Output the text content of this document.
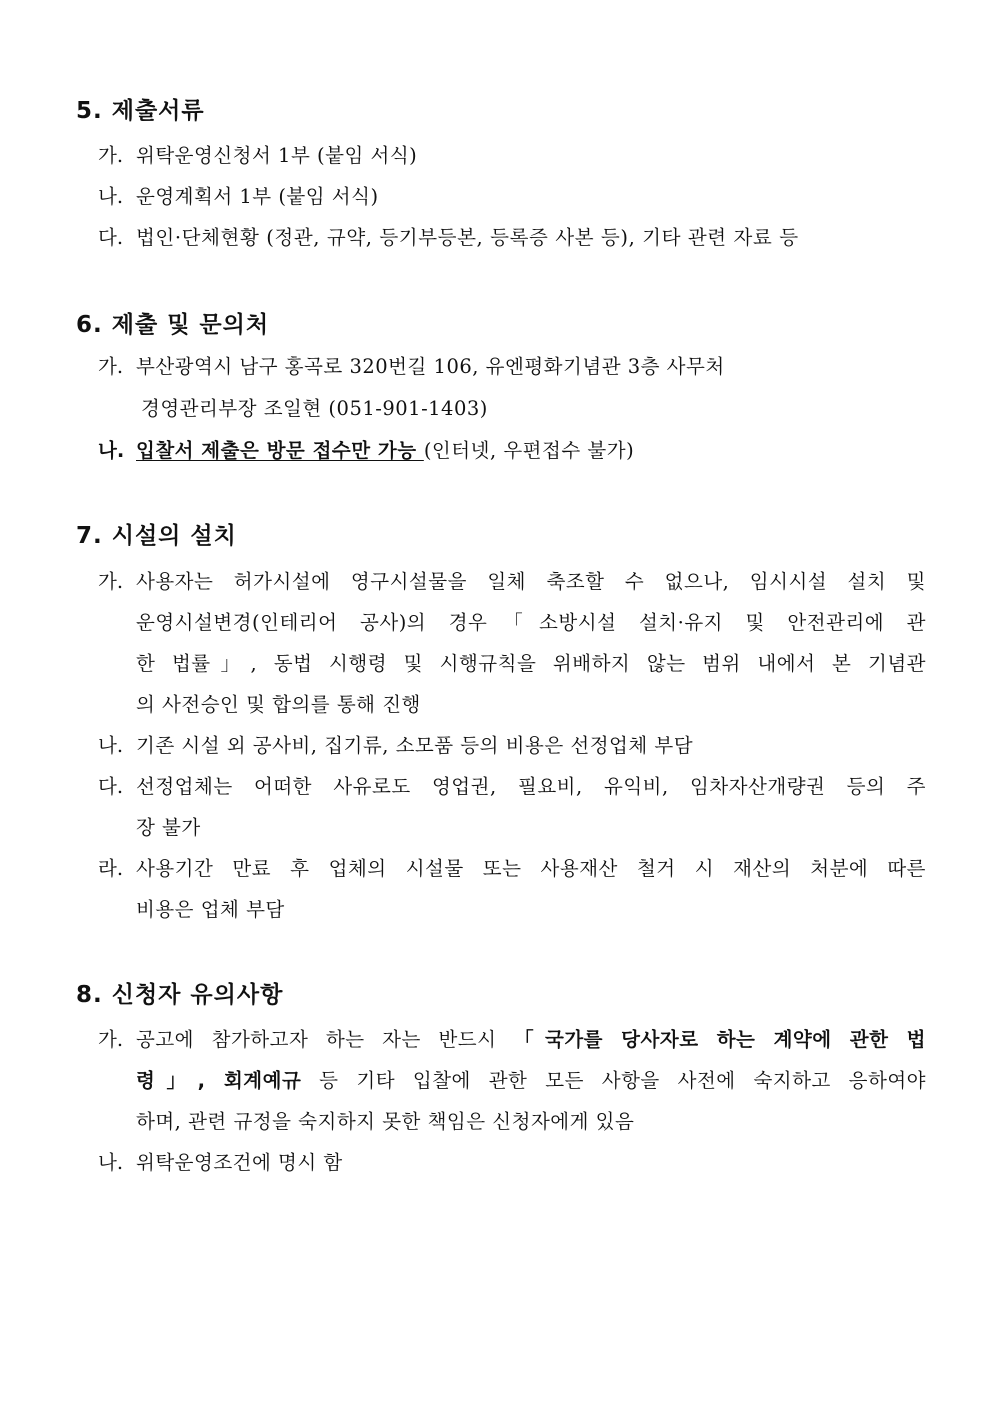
5. 제출서류
가. 위탁운영신청서 1부 (붙임 서식)
나. 운영계획서 1부 (붙임 서식)
다. 법인·단체현황 (정관, 규약, 등기부등본, 등록증 사본 등), 기타 관련 자료 등
6. 제출 및 문의처
가. 부산광역시 남구 홍곡로 320번길 106, 유엔평화기념관 3층 사무처
경영관리부장 조일현 (051-901-1403)
나. 입찰서 제출은 방문 접수만 가능 (인터넷, 우편접수 불가)
7. 시설의 설치
가. 사용자는 허가시설에 영구시설물을 일체 축조할 수 없으나, 임시시설 설치 및
운영시설변경(인테리어 공사)의 경우「소방시설 설치·유지 및 안전관리에 관
한 법률」, 동법 시행령 및 시행규칙을 위배하지 않는 범위 내에서 본 기념관
의 사전승인 및 합의를 통해 진행
나. 기존 시설 외 공사비, 집기류, 소모품 등의 비용은 선정업체 부담
다. 선정업체는 어떠한 사유로도 영업권, 필요비, 유익비, 임차자산개량권 등의 주
장 불가
라. 사용기간 만료 후 업체의 시설물 또는 사용재산 철거 시 재산의 처분에 따른
비용은 업체 부담
8. 신청자 유의사항
가. 공고에 참가하고자 하는 자는 반드시 「국가를 당사자로 하는 계약에 관한 법
령」, 회계예규 등 기타 입찰에 관한 모든 사항을 사전에 숙지하고 응하여야
하며, 관련 규정을 숙지하지 못한 책임은 신청자에게 있음
나. 위탁운영조건에 명시 함
